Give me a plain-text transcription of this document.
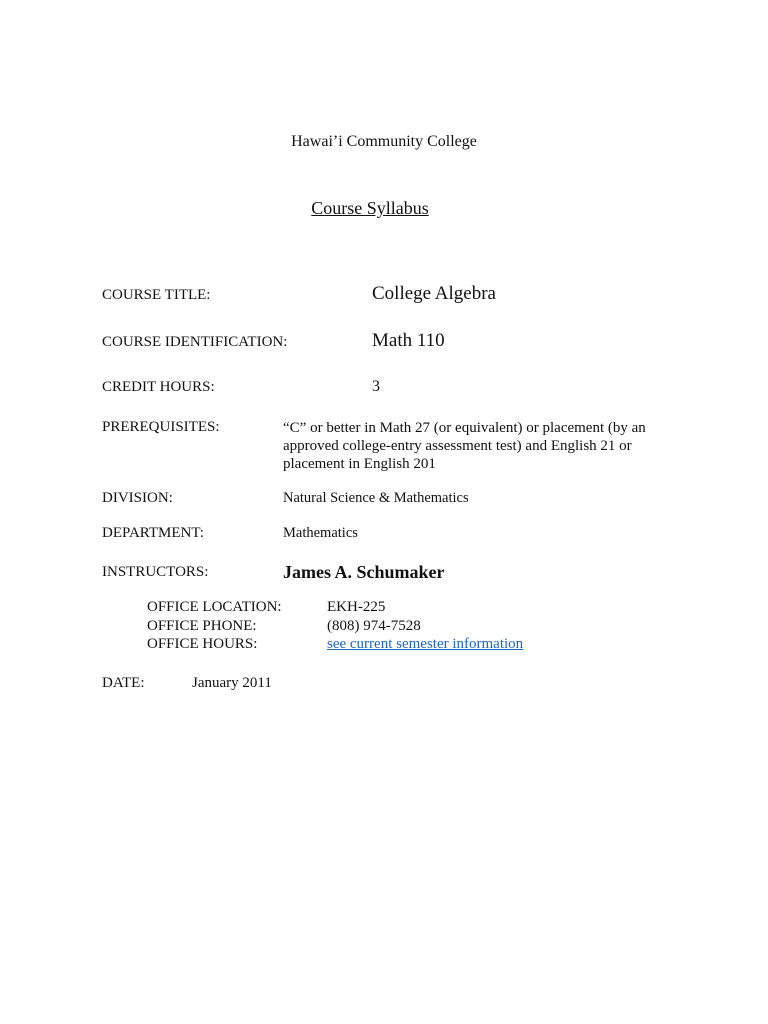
Hawai’i Community College
Course Syllabus
COURSE TITLE:	College Algebra
COURSE IDENTIFICATION:	Math 110
CREDIT HOURS:	3
PREREQUISITES:	“C” or better in Math 27 (or equivalent) or placement (by an
approved college-entry assessment test) and English 21 or
placement in English 201
DIVISION:	Natural Science & Mathematics
DEPARTMENT:	Mathematics
INSTRUCTORS:	James A. Schumaker
OFFICE LOCATION:	EKH-225
OFFICE PHONE:	(808) 974-7528
OFFICE HOURS:	see current semester information
DATE:	January 2011
